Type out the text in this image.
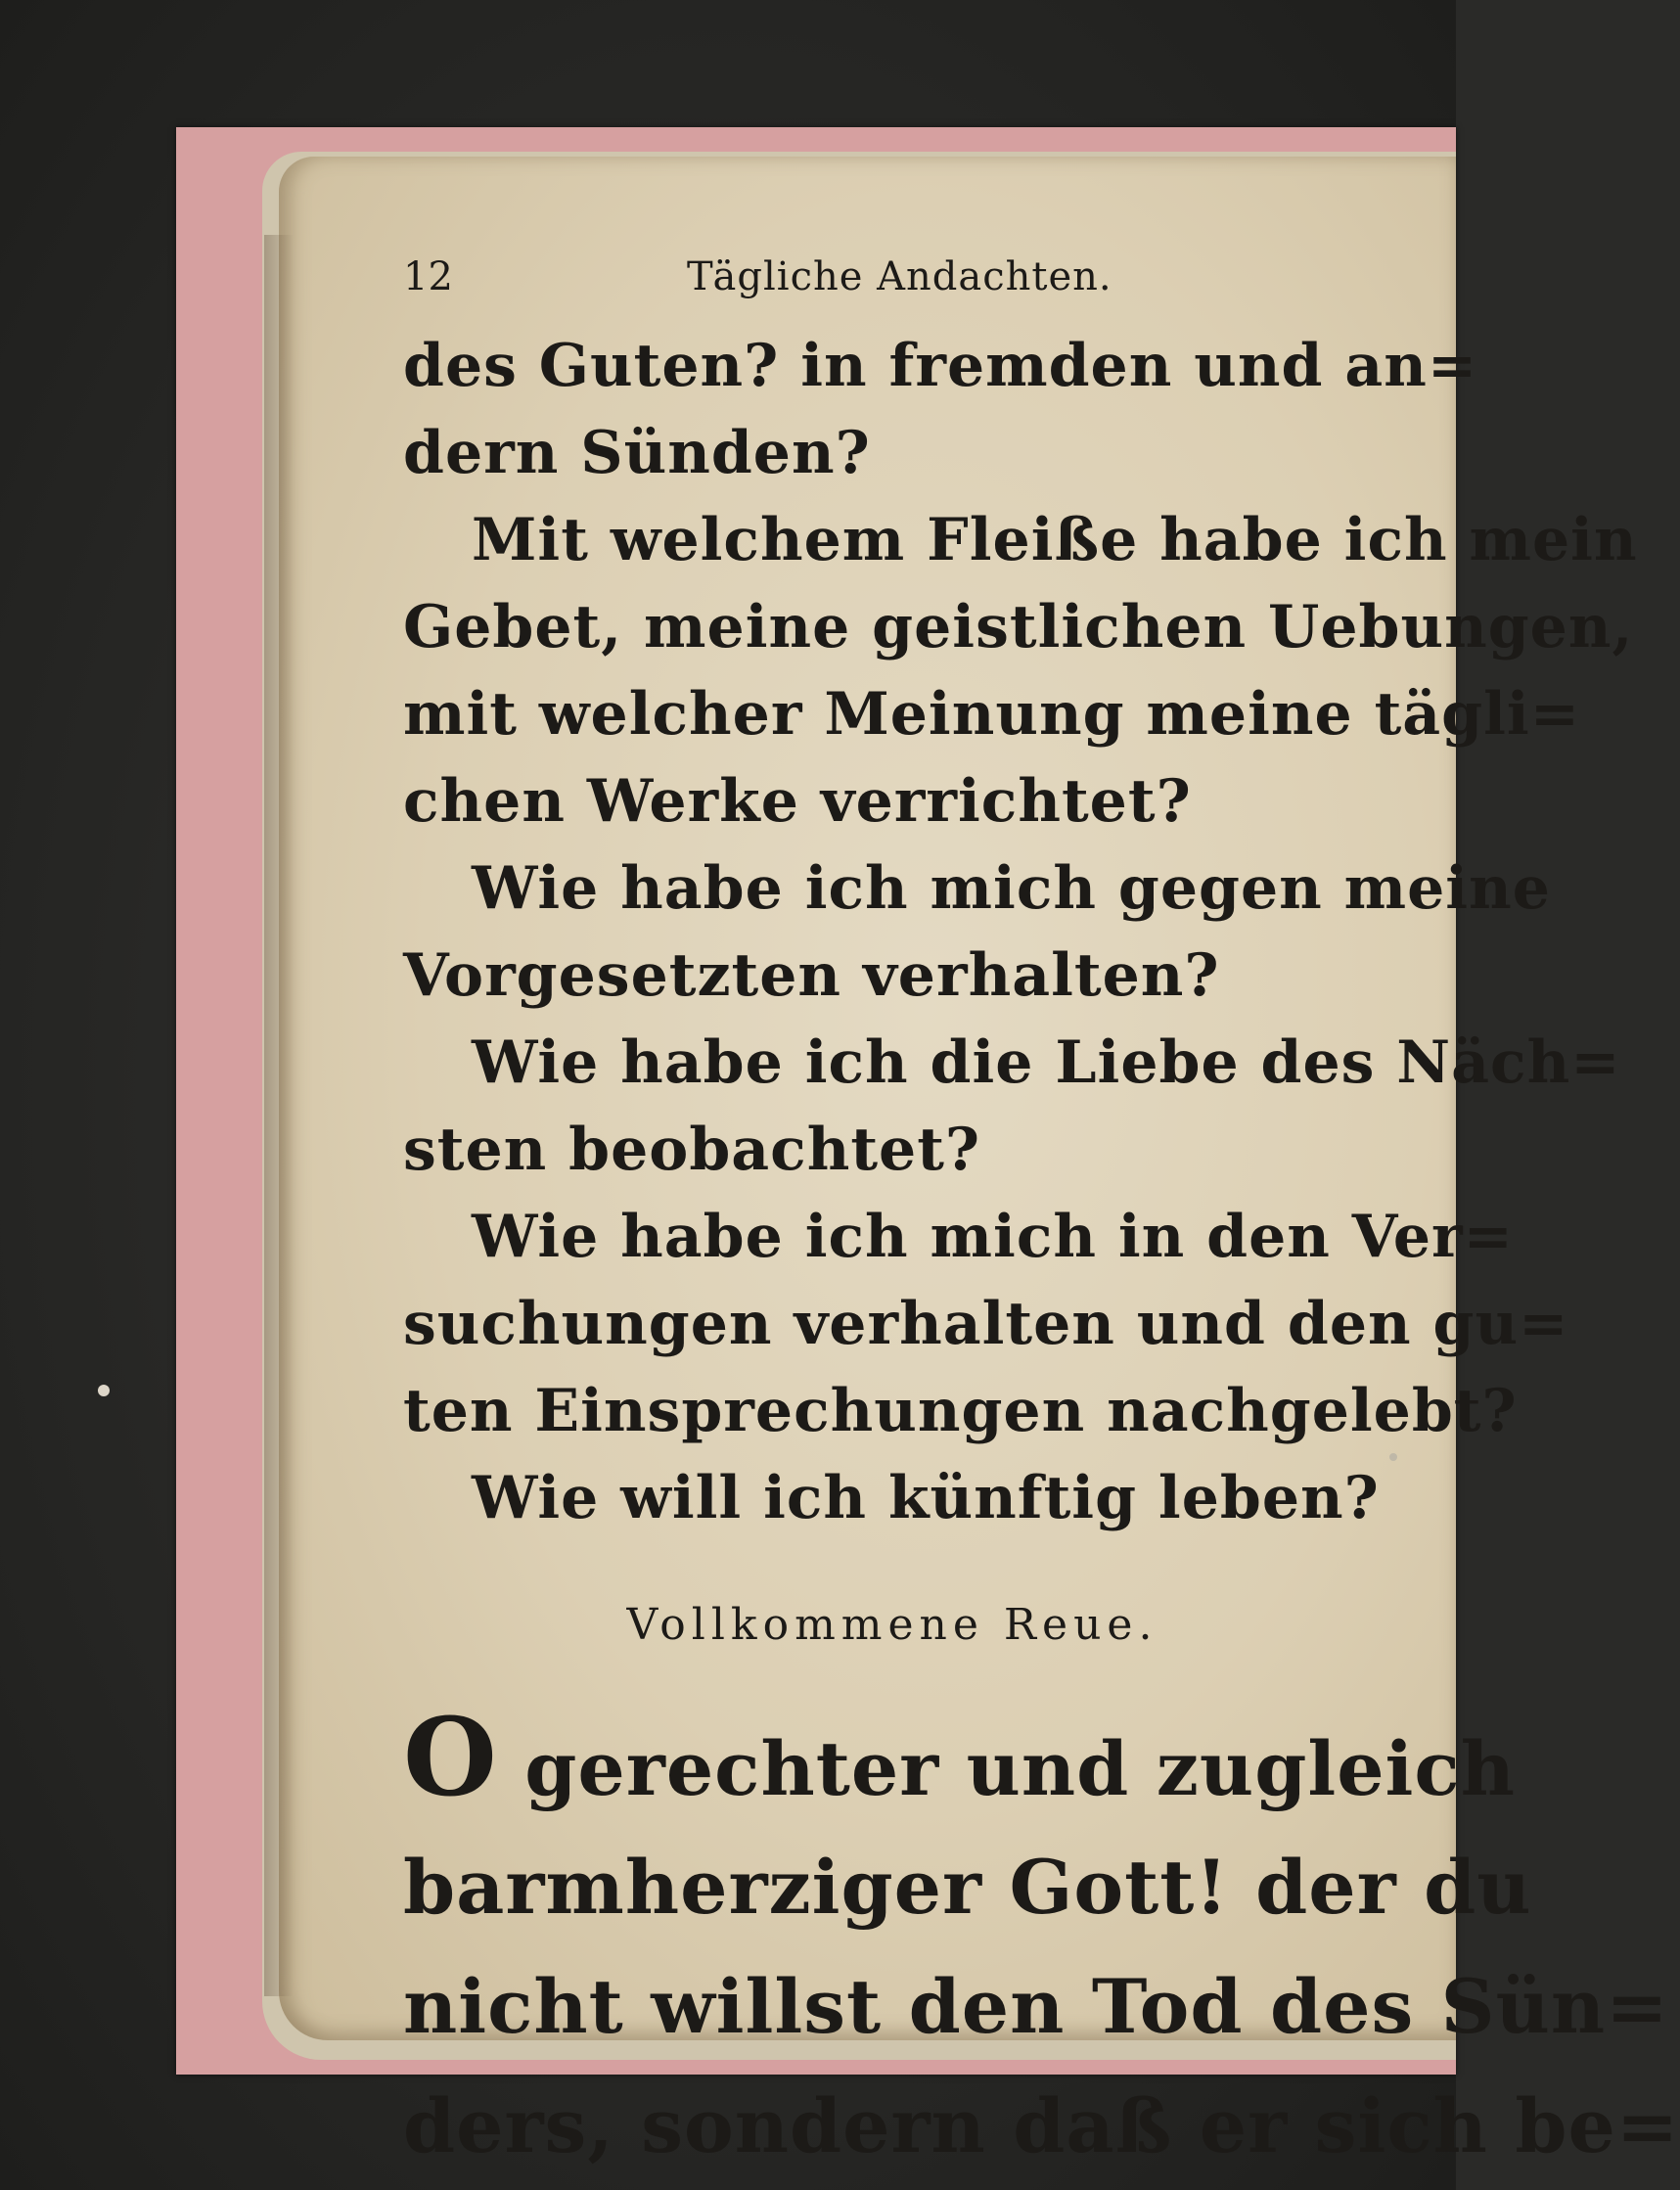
12	Tägliche Andachten.
des Guten? in fremden und an=
dern Sünden?
Mit welchem Fleiße habe ich mein
Gebet, meine geistlichen Uebungen,
mit welcher Meinung meine tägli=
chen Werke verrichtet?
Wie habe ich mich gegen meine
Vorgesetzten verhalten?
Wie habe ich die Liebe des Näch=
sten beobachtet?
Wie habe ich mich in den Ver=
suchungen verhalten und den gu=
ten Einsprechungen nachgelebt?
Wie will ich künftig leben?
Vollkommene Reue.
O gerechter und zugleich
barmherziger Gott! der du
nicht willst den Tod des Sün=
ders, sondern daß er sich be=
